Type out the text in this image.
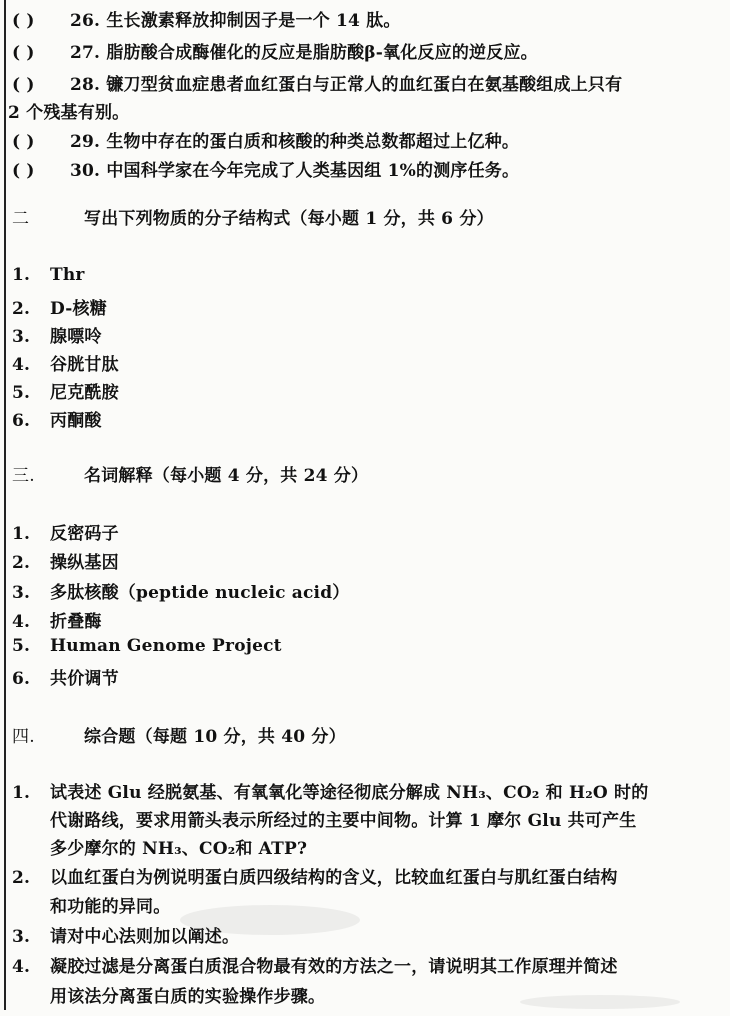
( ) 26. 生长激素释放抑制因子是一个 14 肽。
( ) 27. 脂肪酸合成酶催化的反应是脂肪酸β-氧化反应的逆反应。
( ) 28. 镰刀型贫血症患者血红蛋白与正常人的血红蛋白在氨基酸组成上只有
2 个残基有别。
( ) 29. 生物中存在的蛋白质和核酸的种类总数都超过上亿种。
( ) 30. 中国科学家在今年完成了人类基因组 1%的测序任务。
二	写出下列物质的分子结构式（每小题 1 分，共 6 分）
1. Thr
2. D-核糖
3. 腺嘌呤
4. 谷胱甘肽
5. 尼克酰胺
6. 丙酮酸
三.	名词解释（每小题 4 分，共 24 分）
1. 反密码子
2. 操纵基因
3. 多肽核酸（peptide nucleic acid）
4. 折叠酶
5. Human Genome Project
6. 共价调节
四.	综合题（每题 10 分，共 40 分）
1. 试表述 Glu 经脱氨基、有氧氧化等途径彻底分解成 NH₃、CO₂ 和 H₂O 时的
代谢路线，要求用箭头表示所经过的主要中间物。计算 1 摩尔 Glu 共可产生
多少摩尔的 NH₃、CO₂和 ATP?
2. 以血红蛋白为例说明蛋白质四级结构的含义，比较血红蛋白与肌红蛋白结构
和功能的异同。
3. 请对中心法则加以阐述。
4. 凝胶过滤是分离蛋白质混合物最有效的方法之一，请说明其工作原理并简述
用该法分离蛋白质的实验操作步骤。
